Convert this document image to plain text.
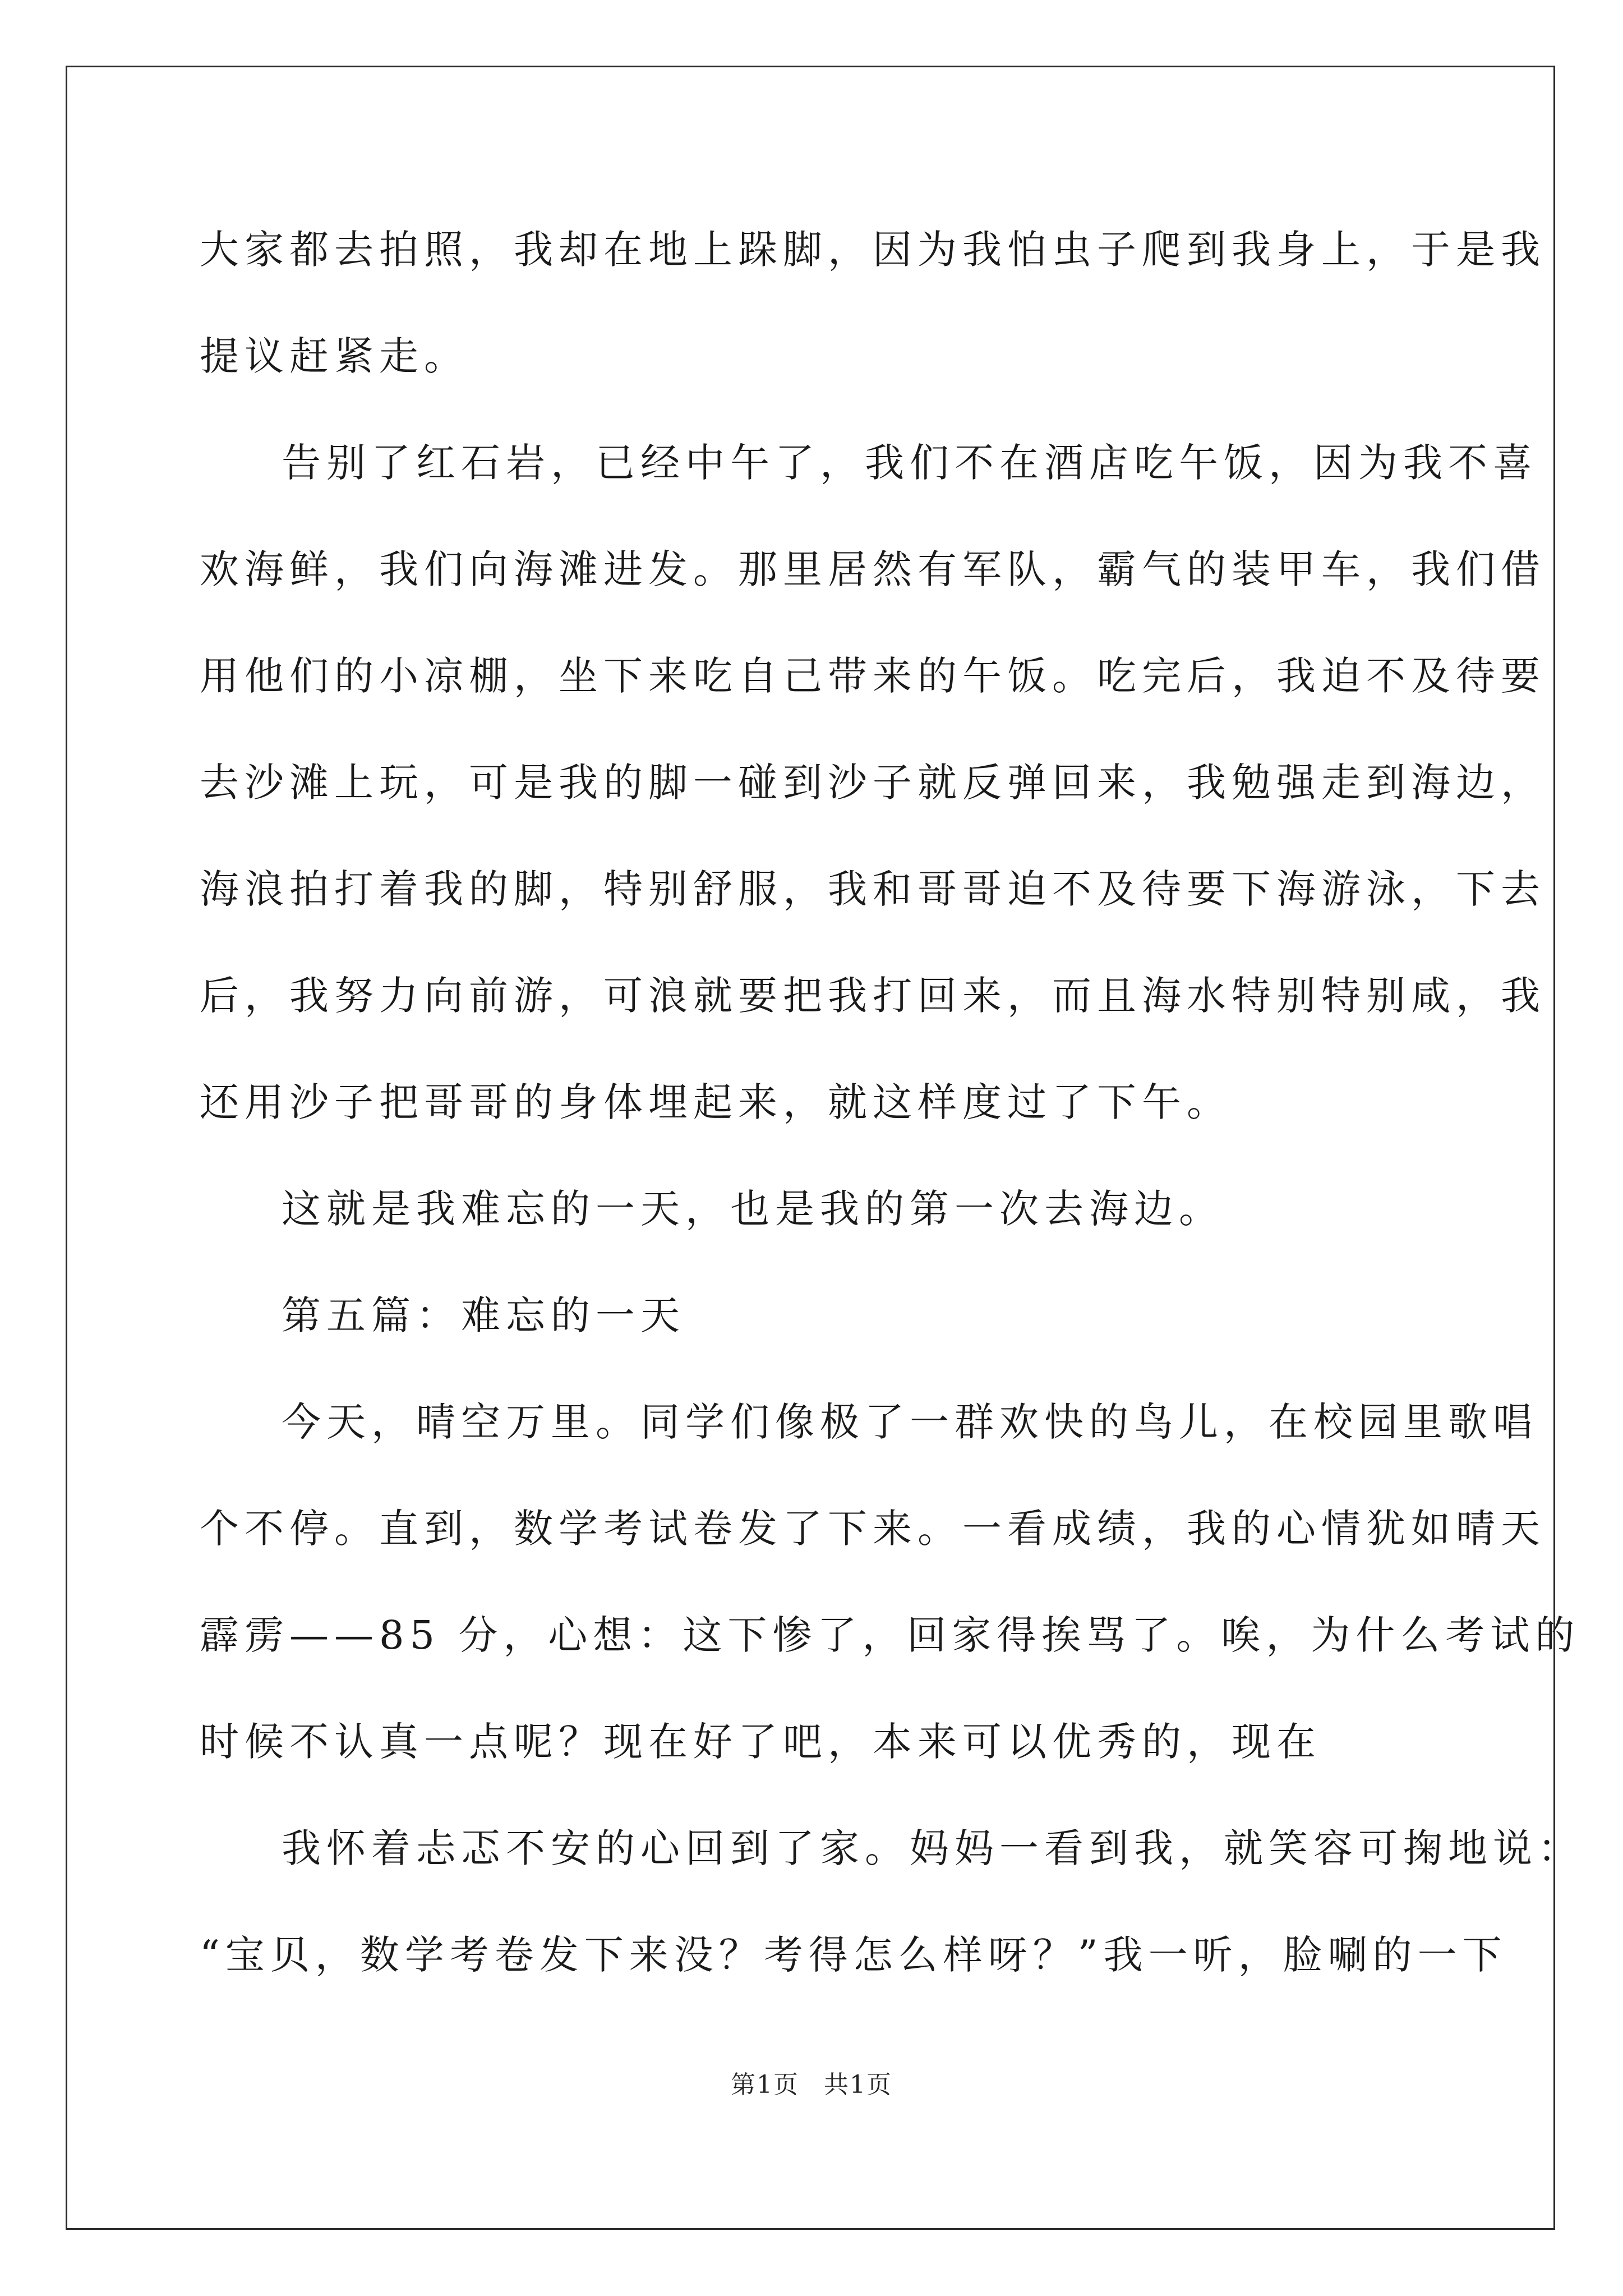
大家都去拍照，我却在地上跺脚，因为我怕虫子爬到我身上，于是我
提议赶紧走。
告别了红石岩，已经中午了，我们不在酒店吃午饭，因为我不喜
欢海鲜，我们向海滩进发。那里居然有军队，霸气的装甲车，我们借
用他们的小凉棚，坐下来吃自己带来的午饭。吃完后，我迫不及待要
去沙滩上玩，可是我的脚一碰到沙子就反弹回来，我勉强走到海边，
海浪拍打着我的脚，特别舒服，我和哥哥迫不及待要下海游泳，下去
后，我努力向前游，可浪就要把我打回来，而且海水特别特别咸，我
还用沙子把哥哥的身体埋起来，就这样度过了下午。
这就是我难忘的一天，也是我的第一次去海边。
第五篇：难忘的一天
今天，晴空万里。同学们像极了一群欢快的鸟儿，在校园里歌唱
个不停。直到，数学考试卷发了下来。一看成绩，我的心情犹如晴天
霹雳——85 分，心想：这下惨了，回家得挨骂了。唉，为什么考试的
时候不认真一点呢？现在好了吧，本来可以优秀的，现在
我怀着忐忑不安的心回到了家。妈妈一看到我，就笑容可掬地说：
“宝贝，数学考卷发下来没？考得怎么样呀？”我一听，脸唰的一下
第1页 共1页
